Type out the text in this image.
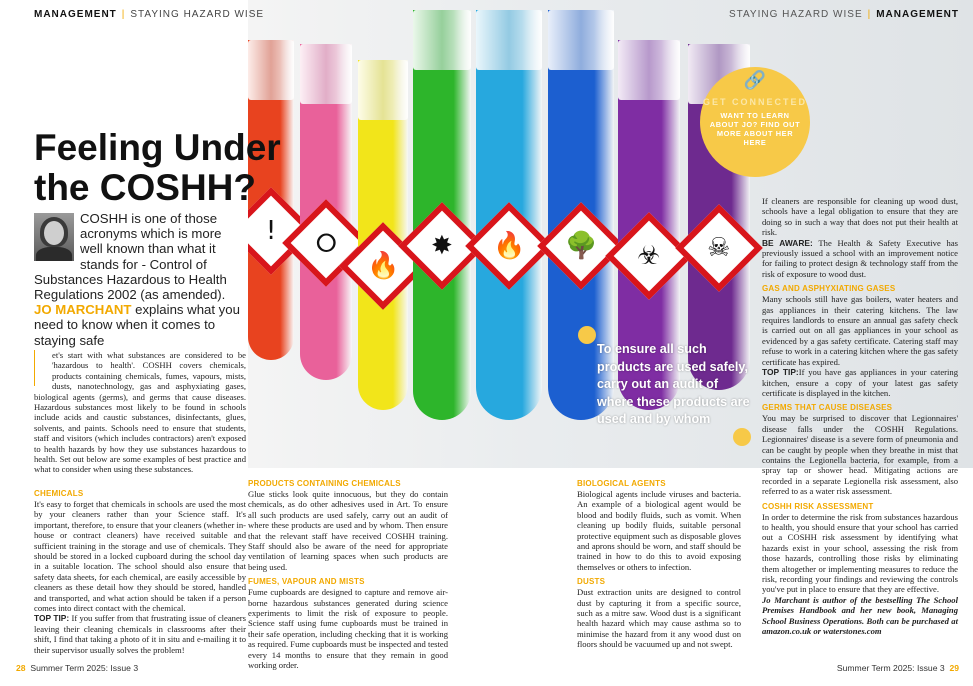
MANAGEMENT | STAYING HAZARD WISE	STAYING HAZARD WISE | MANAGEMENT
! ⭘
🔥
✸ 🔥 🌳 ☣ ☠
Feeling Under the COSHH?
COSHH is one of those acronyms which is more well known than what it stands for - Control of Substances Hazardous to Health Regulations 2002 (as amended). JO MARCHANT explains what you need to know when it comes to staying safe
et's start with what substances are considered to be 'hazardous to health'. COSHH covers chemicals, products containing chemicals, fumes, vapours, mists, dusts, nanotechnology, gas and asphyxiating gases, biological agents (germs), and germs that cause diseases. Hazardous substances most likely to be found in schools include acids and caustic substances, disinfectants, glues, solvents, and paints. Schools need to ensure that students, staff and visitors (which includes contractors) aren't exposed to health hazards by how they use substances hazardous to health. Set out below are some examples of best practice and what to consider when using these substances.
CHEMICALS
It's easy to forget that chemicals in schools are used the most by your cleaners rather than your Science staff. It's important, therefore, to ensure that your cleaners (whether in-house or contract cleaners) have received suitable and sufficient training in the storage and use of chemicals. They should be stored in a locked cupboard during the school day in a suitable location. The school should also ensure that safety data sheets, for each chemical, are easily accessible by cleaners as these detail how they should be stored, handled and transported, and what action should be taken if a person comes into direct contact with the chemical.
TOP TIP: If you suffer from that frustrating issue of cleaners leaving their cleaning chemicals in classrooms after their shift, I find that taking a photo of it in situ and e-mailing it to their supervisor usually solves the problem!
PRODUCTS CONTAINING CHEMICALS
Glue sticks look quite innocuous, but they do contain chemicals, as do other adhesives used in Art. To ensure all such products are used safely, carry out an audit of where these products are used and by whom. Then ensure that the relevant staff have received COSHH training. Staff should also be aware of the need for appropriate ventilation of learning spaces when such products are being used.
FUMES, VAPOUR AND MISTS
Fume cupboards are designed to capture and remove air-borne hazardous substances generated during science experiments to limit the risk of exposure to people. Science staff using fume cupboards must be trained in their safe operation, including checking that it is working as required. Fume cupboards must be inspected and tested every 14 months to ensure that they remain in good working order.
BIOLOGICAL AGENTS
Biological agents include viruses and bacteria. An example of a biological agent would be blood and bodily fluids, such as vomit. When cleaning up bodily fluids, suitable personal protective equipment such as disposable gloves and aprons should be worn, and staff should be trained in how to do this to avoid exposing themselves or others to infection.
DUSTS
Dust extraction units are designed to control dust by capturing it from a specific source, such as a mitre saw. Wood dust is a significant health hazard which may cause asthma so to minimise the hazard from it any wood dust on floors should be vacuumed up and not swept.
To ensure all such products are used safely, carry out an audit of where these products are used and by whom
If cleaners are responsible for cleaning up wood dust, schools have a legal obligation to ensure that they are doing so in such a way that does not put their health at risk.
BE AWARE: The Health & Safety Executive has previously issued a school with an improvement notice for failing to protect design & technology staff from the risk of exposure to wood dust.
GAS AND ASPHYXIATING GASES
Many schools still have gas boilers, water heaters and gas appliances in their catering kitchens. The law requires landlords to ensure an annual gas safety check is carried out on all gas appliances in your school as evidenced by a gas safety certificate. Catering staff may refuse to work in a catering kitchen where the gas safety certificate has expired.
TOP TIP:If you have gas appliances in your catering kitchen, ensure a copy of your latest gas safety certificate is displayed in the kitchen.
GERMS THAT CAUSE DISEASES
You may be surprised to discover that Legionnaires' disease falls under the COSHH Regulations. Legionnaires' disease is a severe form of pneumonia and can be caught by people when they breathe in mist that contains the Legionella bacteria, for example, from a spray tap or shower head. Mitigating actions are recorded in a separate Legionella risk assessment, also referred to as a water risk assessment.
COSHH RISK ASSESSMENT
In order to determine the risk from substances hazardous to health, you should ensure that your school has carried out a COSHH risk assessment by identifying what hazards exist in your school, assessing the risk from those hazards, controlling those risks by eliminating them altogether or implementing measures to reduce the risk, recording your findings and reviewing the controls you've put in place to ensure that they are effective.
Jo Marchant is author of the bestselling The School Premises Handbook and her new book, Managing School Business Operations. Both can be purchased at amazon.co.uk or waterstones.com
🔗
GET CONNECTED
WANT TO LEARN ABOUT JO? FIND OUT MORE ABOUT HER HERE
28 Summer Term 2025: Issue 3	Summer Term 2025: Issue 3 29
